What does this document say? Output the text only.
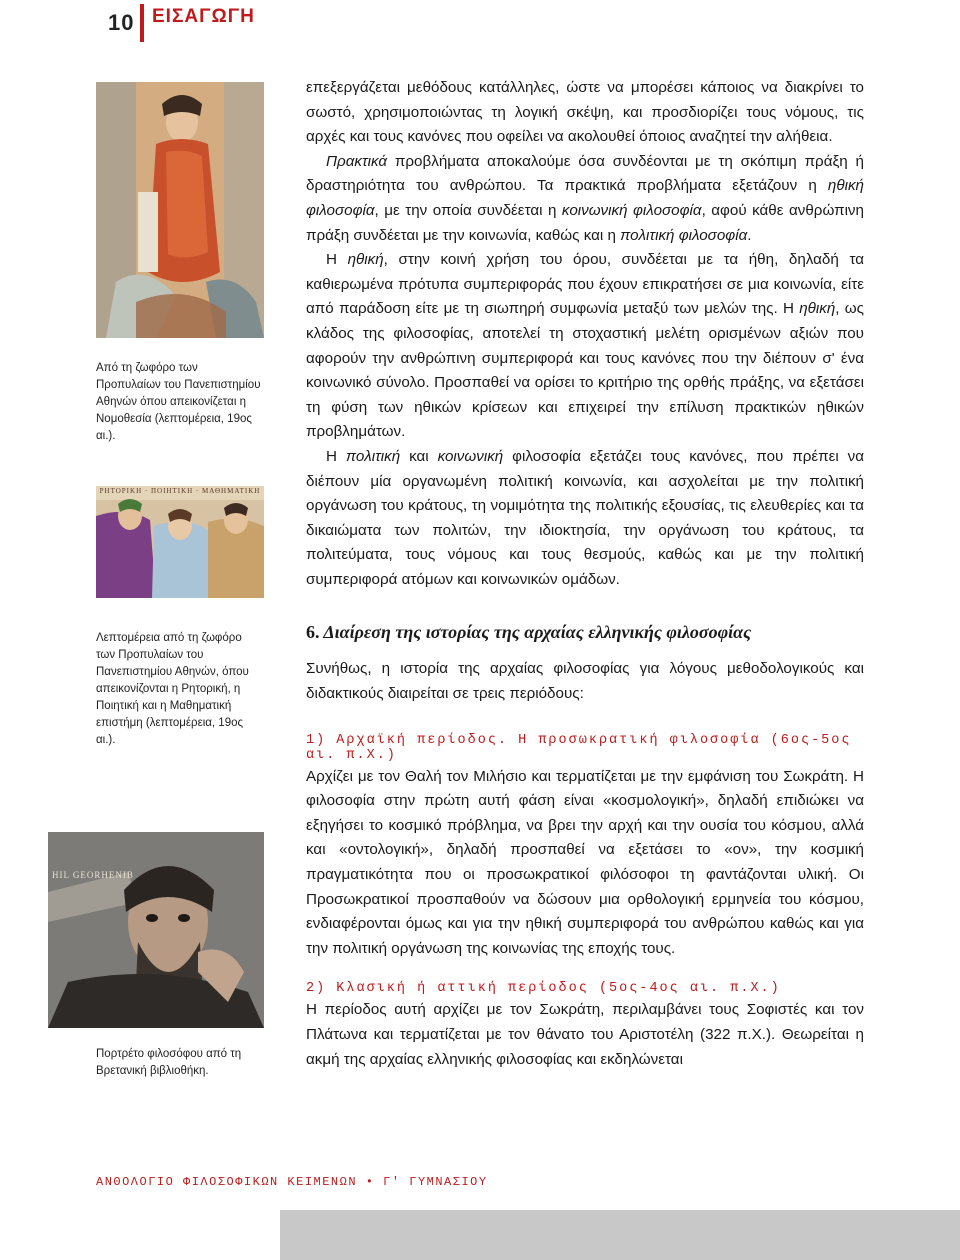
10 ΕΙΣΑΓΩΓΗ
Από τη ζωφόρο των Προπυλαίων του Πανεπιστημίου Αθηνών όπου απεικονίζεται η Νομοθεσία (λεπτομέρεια, 19ος αι.).
ΡΗΤΟΡΙΚΗ · ΠΟΙΗΤΙΚΗ · ΜΑΘΗΜΑΤΙΚΗ
Λεπτομέρεια από τη ζωφόρο των Προπυλαίων του Πανεπιστημίου Αθηνών, όπου απεικονίζονται η Ρητορική, η Ποιητική και η Μαθηματική επιστήμη (λεπτομέρεια, 19ος αι.).
HIL GEORHENIB
Πορτρέτο φιλοσόφου από τη Βρετανική βιβλιοθήκη.

επεξεργάζεται μεθόδους κατάλληλες, ώστε να μπορέσει κάποιος να διακρίνει το σωστό, χρησιμοποιώντας τη λογική σκέψη, και προσδιορίζει τους νόμους, τις αρχές και τους κανόνες που οφείλει να ακολουθεί όποιος αναζητεί την αλήθεια.

Πρακτικά προβλήματα αποκαλούμε όσα συνδέονται με τη σκόπιμη πράξη ή δραστηριότητα του ανθρώπου. Τα πρακτικά προβλήματα εξετάζουν η ηθική φιλοσοφία, με την οποία συνδέεται η κοινωνική φιλοσοφία, αφού κάθε ανθρώπινη πράξη συνδέεται με την κοινωνία, καθώς και η πολιτική φιλοσοφία.

Η ηθική, στην κοινή χρήση του όρου, συνδέεται με τα ήθη, δηλαδή τα καθιερωμένα πρότυπα συμπεριφοράς που έχουν επικρατήσει σε μια κοινωνία, είτε από παράδοση είτε με τη σιωπηρή συμφωνία μεταξύ των μελών της. Η ηθική, ως κλάδος της φιλοσοφίας, αποτελεί τη στοχαστική μελέτη ορισμένων αξιών που αφορούν την ανθρώπινη συμπεριφορά και τους κανόνες που την διέπουν σ' ένα κοινωνικό σύνολο. Προσπαθεί να ορίσει το κριτήριο της ορθής πράξης, να εξετάσει τη φύση των ηθικών κρίσεων και επιχειρεί την επίλυση πρακτικών ηθικών προβλημάτων.

Η πολιτική και κοινωνική φιλοσοφία εξετάζει τους κανόνες, που πρέπει να διέπουν μία οργανωμένη πολιτική κοινωνία, και ασχολείται με την πολιτική οργάνωση του κράτους, τη νομιμότητα της πολιτικής εξουσίας, τις ελευθερίες και τα δικαιώματα των πολιτών, την ιδιοκτησία, την οργάνωση του κράτους, τα πολιτεύματα, τους νόμους και τους θεσμούς, καθώς και με την πολιτική συμπεριφορά ατόμων και κοινωνικών ομάδων.

6. Διαίρεση της ιστορίας της αρχαίας ελληνικής φιλοσοφίας

Συνήθως, η ιστορία της αρχαίας φιλοσοφίας για λόγους μεθοδολογικούς και διδακτικούς διαιρείται σε τρεις περιόδους:

1) Αρχαϊκή περίοδος. Η προσωκρατική φιλοσοφία (6ος-5ος αι. π.Χ.)

Αρχίζει με τον Θαλή τον Μιλήσιο και τερματίζεται με την εμφάνιση του Σωκράτη. Η φιλοσοφία στην πρώτη αυτή φάση είναι «κοσμολογική», δηλαδή επιδιώκει να εξηγήσει το κοσμικό πρόβλημα, να βρει την αρχή και την ουσία του κόσμου, αλλά και «οντολογική», δηλαδή προσπαθεί να εξετάσει το «ον», την κοσμική πραγματικότητα που οι προσωκρατικοί φιλόσοφοι τη φαντάζονται υλική. Οι Προσωκρατικοί προσπαθούν να δώσουν μια ορθολογική ερμηνεία του κόσμου, ενδιαφέρονται όμως και για την ηθική συμπεριφορά του ανθρώπου καθώς και για την πολιτική οργάνωση της κοινωνίας της εποχής τους.

2) Κλασική ή αττική περίοδος (5ος-4ος αι. π.Χ.)

Η περίοδος αυτή αρχίζει με τον Σωκράτη, περιλαμβάνει τους Σοφιστές και τον Πλάτωνα και τερματίζεται με τον θάνατο του Αριστοτέλη (322 π.Χ.). Θεωρείται η ακμή της αρχαίας ελληνικής φιλοσοφίας και εκδηλώνεται

ΑΝΘΟΛΟΓΙΟ ΦΙΛΟΣΟΦΙΚΩΝ ΚΕΙΜΕΝΩΝ • Γ' ΓΥΜΝΑΣΙΟΥ
